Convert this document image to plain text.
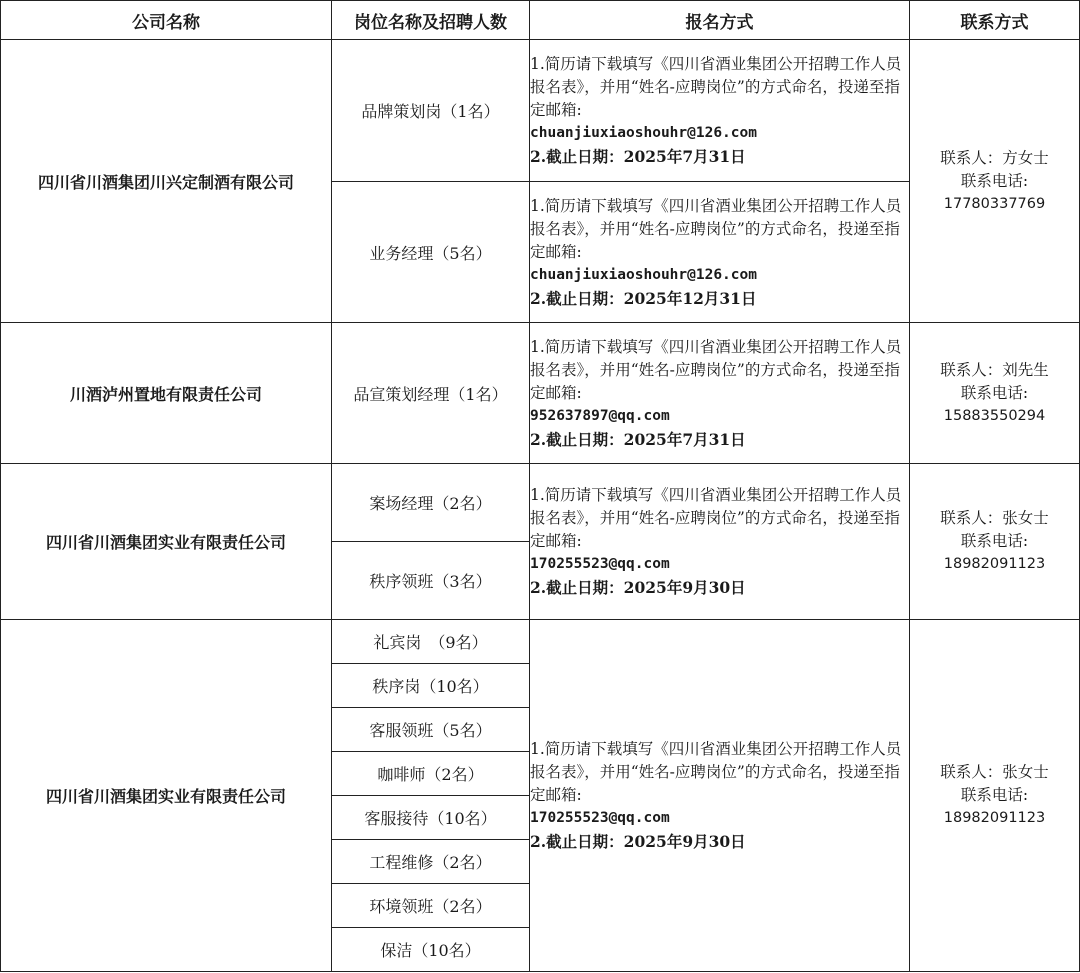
公司名称	岗位名称及招聘人数	报名方式	联系方式
四川省川酒集团川兴定制酒有限公司	品牌策划岗（1名）	1.简历请下载填写《四川省酒业集团公开招聘工作人员报名表》，并用“姓名-应聘岗位”的方式命名，投递至指定邮箱:
chuanjiuxiaoshouhr@126.com
2.截止日期：2025年7月31日	联系人：方女士
联系电话:
17780337769

	业务经理（5名）	1.简历请下载填写《四川省酒业集团公开招聘工作人员报名表》，并用“姓名-应聘岗位”的方式命名，投递至指定邮箱:
chuanjiuxiaoshouhr@126.com
2.截止日期：2025年12月31日	

川酒泸州置地有限责任公司	品宣策划经理（1名）	1.简历请下载填写《四川省酒业集团公开招聘工作人员报名表》，并用“姓名-应聘岗位”的方式命名，投递至指定邮箱:
952637897@qq.com
2.截止日期：2025年7月31日	联系人：刘先生
联系电话:
15883550294

四川省川酒集团实业有限责任公司	案场经理（2名）	1.简历请下载填写《四川省酒业集团公开招聘工作人员报名表》，并用“姓名-应聘岗位”的方式命名，投递至指定邮箱:
170255523@qq.com
2.截止日期：2025年9月30日	联系人：张女士
联系电话:
18982091123

	秩序领班（3名）		
四川省川酒集团实业有限责任公司	礼宾岗　（9名）	1.简历请下载填写《四川省酒业集团公开招聘工作人员报名表》，并用“姓名-应聘岗位”的方式命名，投递至指定邮箱:
170255523@qq.com
2.截止日期：2025年9月30日	联系人：张女士
联系电话:
18982091123

	秩序岗（10名）		
	客服领班（5名）		
	咖啡师（2名）		
	客服接待（10名）		
	工程维修（2名）		
	环境领班（2名）		
	保洁（10名）		
